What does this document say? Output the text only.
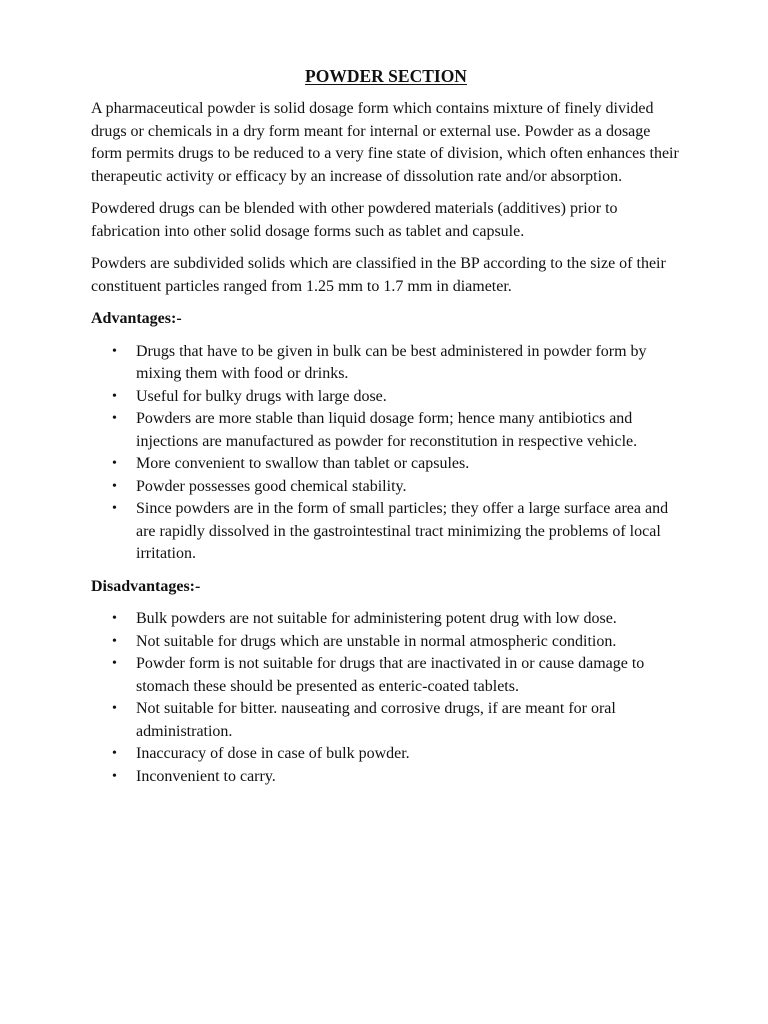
POWDER SECTION

A pharmaceutical powder is solid dosage form which contains mixture of finely divided drugs or chemicals in a dry form meant for internal or external use. Powder as a dosage form permits drugs to be reduced to a very fine state of division, which often enhances their therapeutic activity or efficacy by an increase of dissolution rate and/or absorption.

Powdered drugs can be blended with other powdered materials (additives) prior to fabrication into other solid dosage forms such as tablet and capsule.

Powders are subdivided solids which are classified in the BP according to the size of their constituent particles ranged from 1.25 mm to 1.7 mm in diameter.

Advantages:-
• Drugs that have to be given in bulk can be best administered in powder form by mixing them with food or drinks.
• Useful for bulky drugs with large dose.
• Powders are more stable than liquid dosage form; hence many antibiotics and injections are manufactured as powder for reconstitution in respective vehicle.
• More convenient to swallow than tablet or capsules.
• Powder possesses good chemical stability.
• Since powders are in the form of small particles; they offer a large surface area and are rapidly dissolved in the gastrointestinal tract minimizing the problems of local irritation.
Disadvantages:-
• Bulk powders are not suitable for administering potent drug with low dose.
• Not suitable for drugs which are unstable in normal atmospheric condition.
• Powder form is not suitable for drugs that are inactivated in or cause damage to stomach these should be presented as enteric-coated tablets.
• Not suitable for bitter. nauseating and corrosive drugs, if are meant for oral administration.
• Inaccuracy of dose in case of bulk powder.
• Inconvenient to carry.
